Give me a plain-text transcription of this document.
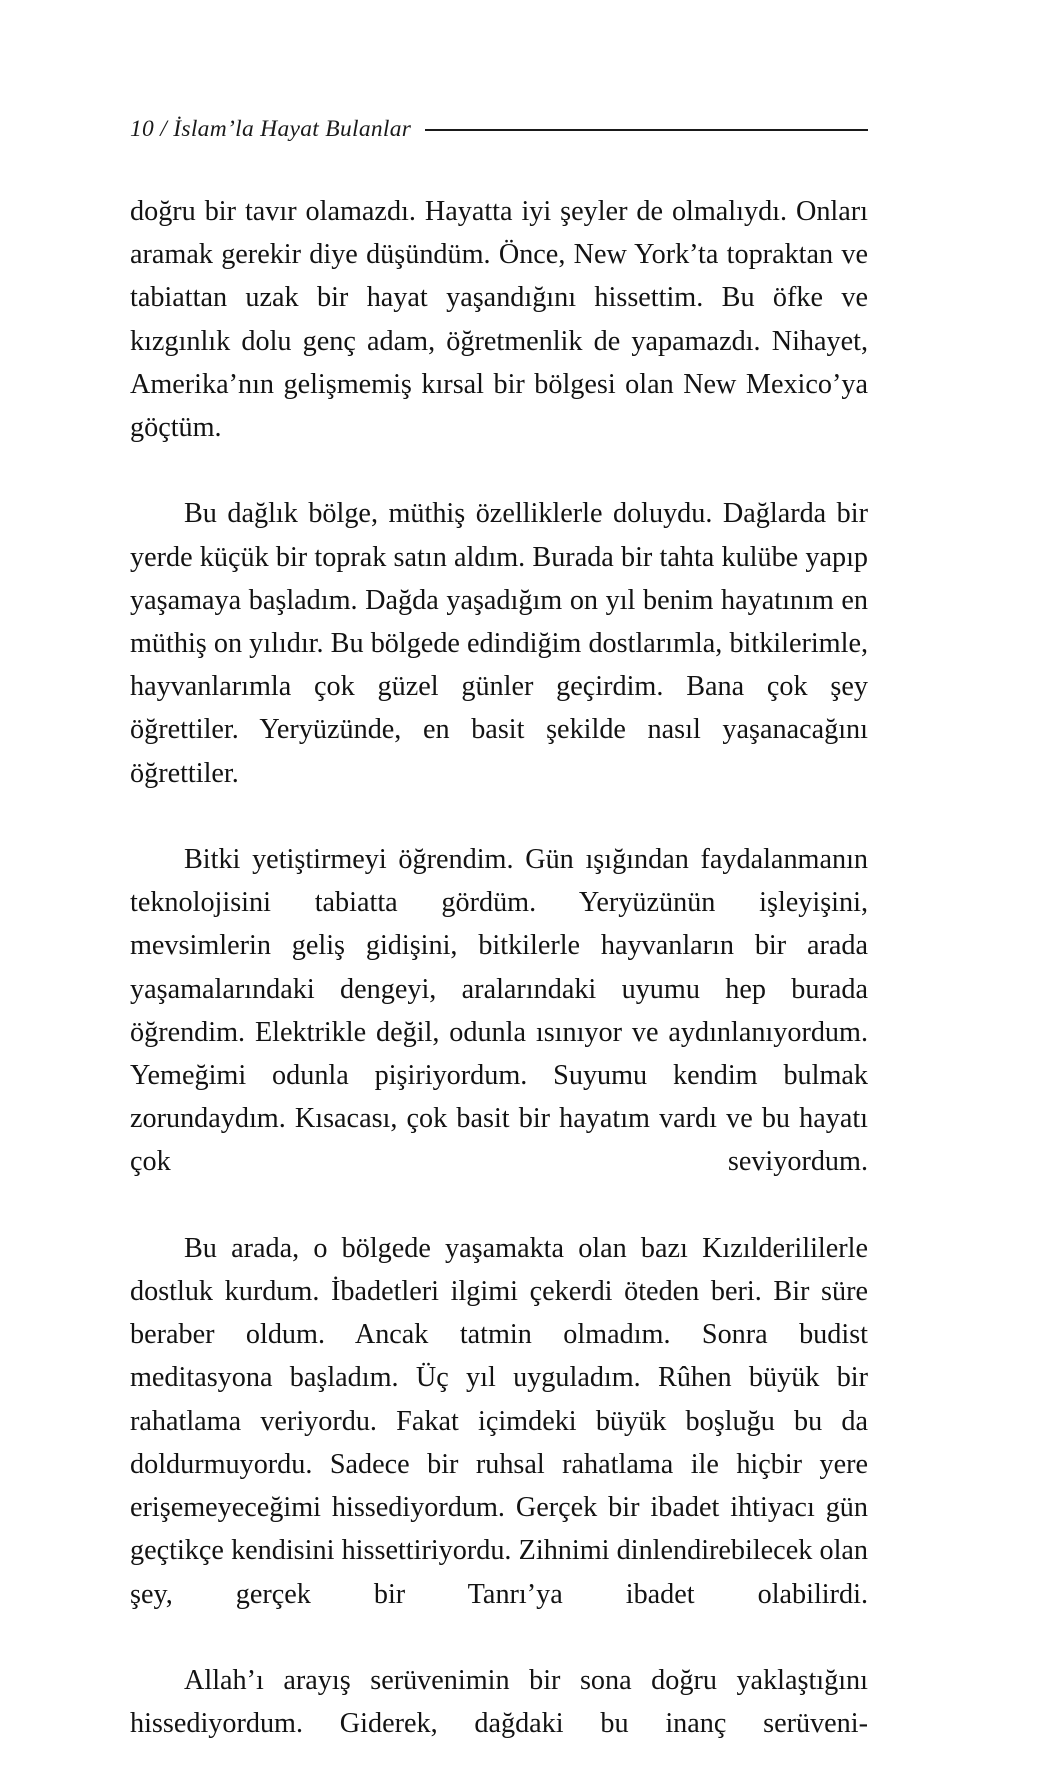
10 / İslam’la Hayat Bulanlar

doğru bir tavır olamazdı. Hayatta iyi şeyler de olmalıydı. Onları aramak gerekir diye düşündüm. Önce, New York’ta topraktan ve tabiattan uzak bir hayat yaşandığını hissettim. Bu öfke ve kızgınlık dolu genç adam, öğretmenlik de yapamazdı. Nihayet, Amerika’nın gelişmemiş kırsal bir bölgesi olan New Mexico’ya göçtüm.

Bu dağlık bölge, müthiş özelliklerle doluydu. Dağlarda bir yerde küçük bir toprak satın aldım. Burada bir tahta kulübe yapıp yaşamaya başladım. Dağda yaşadığım on yıl benim hayatınım en müthiş on yılıdır. Bu bölgede edindiğim dostlarımla, bitkilerimle, hayvanlarımla çok güzel günler geçirdim. Bana çok şey öğrettiler. Yeryüzünde, en basit şekilde nasıl yaşanacağını öğrettiler.

Bitki yetiştirmeyi öğrendim. Gün ışığından faydalanmanın teknolojisini tabiatta gördüm. Yeryüzünün işleyişini, mevsimlerin geliş gidişini, bitkilerle hayvanların bir arada yaşamalarındaki dengeyi, aralarındaki uyumu hep burada öğrendim. Elektrikle değil, odunla ısınıyor ve aydınlanıyordum. Yemeğimi odunla pişiriyordum. Suyumu kendim bulmak zorundaydım. Kısacası, çok basit bir hayatım vardı ve bu hayatı çok seviyordum.

Bu arada, o bölgede yaşamakta olan bazı Kızılderililerle dostluk kurdum. İbadetleri ilgimi çekerdi öteden beri. Bir süre beraber oldum. Ancak tatmin olmadım. Sonra budist meditasyona başladım. Üç yıl uyguladım. Rûhen büyük bir rahatlama veriyordu. Fakat içimdeki büyük boşluğu bu da doldurmuyordu. Sadece bir ruhsal rahatlama ile hiçbir yere erişemeyeceğimi hissediyordum. Gerçek bir ibadet ihtiyacı gün geçtikçe kendisini hissettiriyordu. Zihnimi dinlendirebilecek olan şey, gerçek bir Tanrı’ya ibadet olabilirdi.

Allah’ı arayış serüvenimin bir sona doğru yaklaştığını hissediyordum. Giderek, dağdaki bu inanç serüveni-
